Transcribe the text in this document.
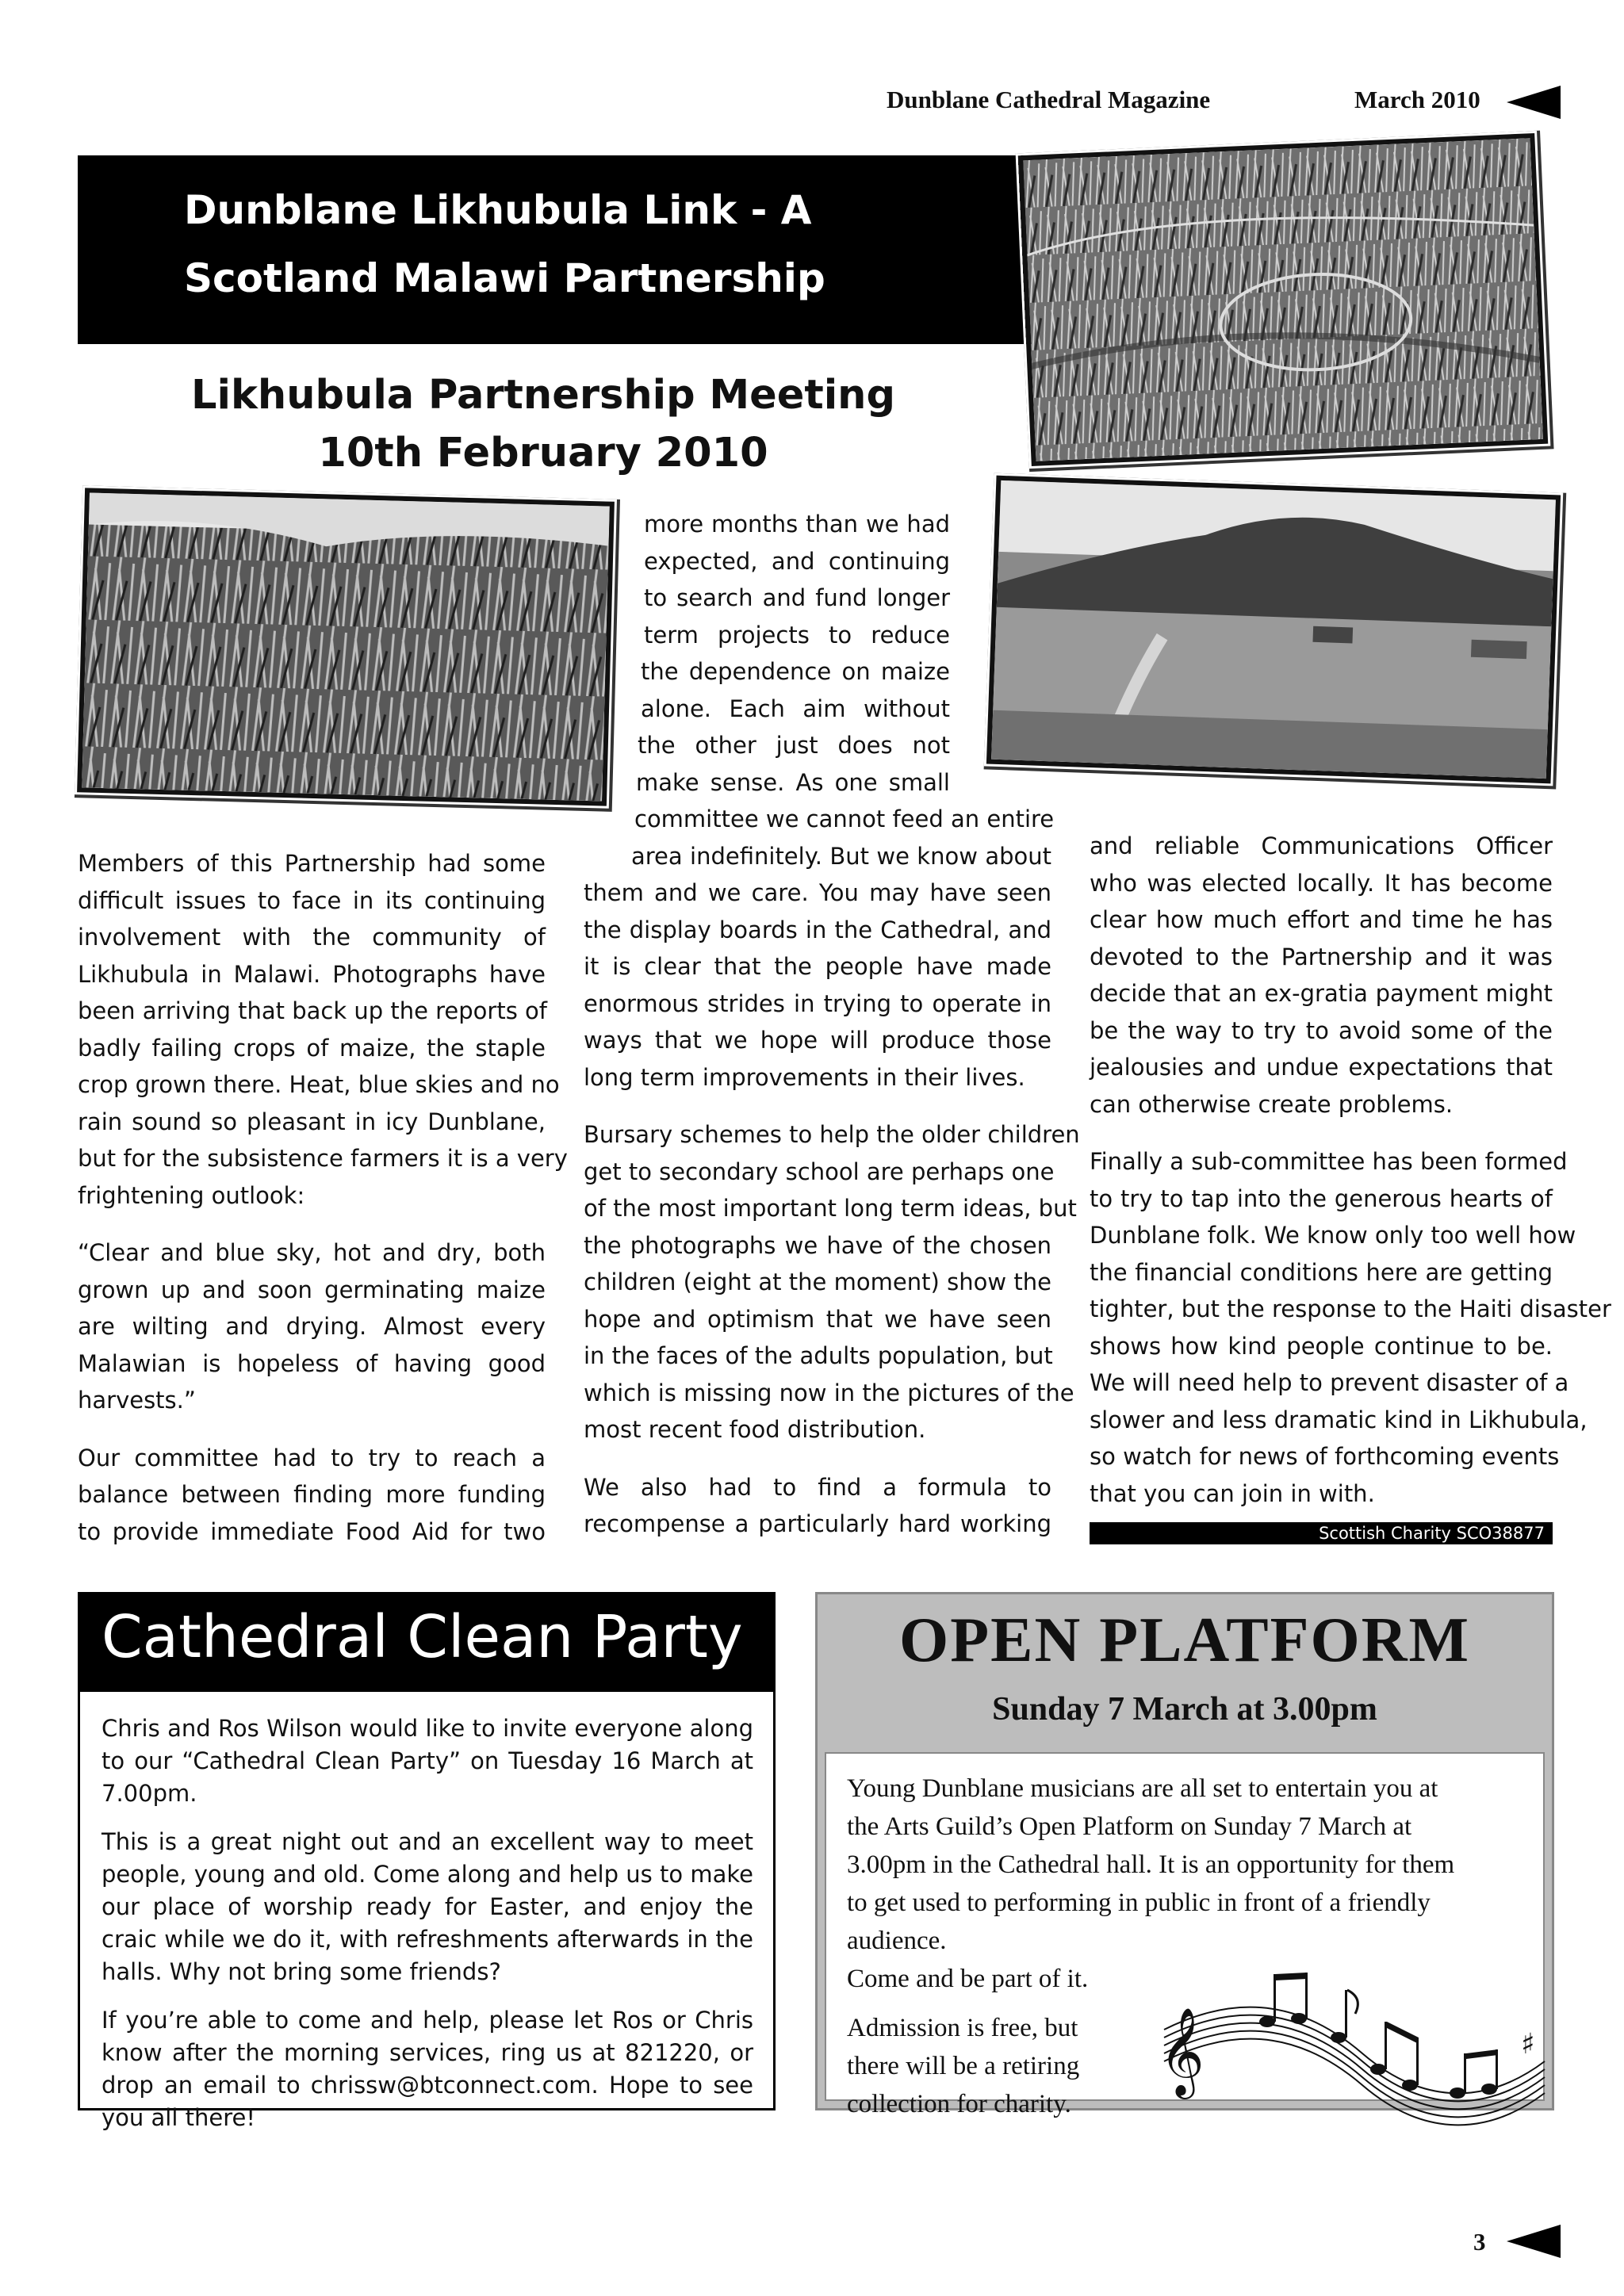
Dunblane Cathedral Magazine	March 2010
Dunblane Likhubula Link - A
Scotland Malawi Partnership
Likhubula Partnership Meeting
10th February 2010

Members of this Partnership had some
difficult issues to face in its continuing
involvement with the community of
Likhubula in Malawi. Photographs have
been arriving that back up the reports of
badly failing crops of maize, the staple
crop grown there. Heat, blue skies and no
rain sound so pleasant in icy Dunblane,
but for the subsistence farmers it is a very
frightening outlook:

“Clear and blue sky, hot and dry, both
grown up and soon germinating maize
are wilting and drying. Almost every
Malawian is hopeless of having good
harvests.”

Our committee had to try to reach a
balance between finding more funding
to provide immediate Food Aid for two

more months than we had
expected, and continuing
to search and fund longer
term projects to reduce
the dependence on maize
alone. Each aim without
the other just does not
make sense. As one small
committee we cannot feed an entire
area indefinitely. But we know about
them and we care. You may have seen
the display boards in the Cathedral, and
it is clear that the people have made
enormous strides in trying to operate in
ways that we hope will produce those
long term improvements in their lives.

Bursary schemes to help the older children
get to secondary school are perhaps one
of the most important long term ideas, but
the photographs we have of the chosen
children (eight at the moment) show the
hope and optimism that we have seen
in the faces of the adults population, but
which is missing now in the pictures of the
most recent food distribution.

We also had to find a formula to
recompense a particularly hard working

and reliable Communications Officer
who was elected locally. It has become
clear how much effort and time he has
devoted to the Partnership and it was
decide that an ex-gratia payment might
be the way to try to avoid some of the
jealousies and undue expectations that
can otherwise create problems.

Finally a sub-committee has been formed
to try to tap into the generous hearts of
Dunblane folk. We know only too well how
the financial conditions here are getting
tighter, but the response to the Haiti disaster
shows how kind people continue to be.
We will need help to prevent disaster of a
slower and less dramatic kind in Likhubula,
so watch for news of forthcoming events
that you can join in with.

Scottish Charity SCO38877
Cathedral Clean Party

Chris and Ros Wilson would like to invite everyone along to our “Cathedral Clean Party” on Tuesday 16 March at 7.00pm.

This is a great night out and an excellent way to meet people, young and old. Come along and help us to make our place of worship ready for Easter, and enjoy the craic while we do it, with refreshments afterwards in the halls. Why not bring some friends?

If you’re able to come and help, please let Ros or Chris know after the morning services, ring us at 821220, or drop an email to chrissw@btconnect.com. Hope to see you all there!

OPEN PLATFORM
Sunday 7 March at 3.00pm

Young Dunblane musicians are all set to entertain you at
the Arts Guild’s Open Platform on Sunday 7 March at
3.00pm in the Cathedral hall. It is an opportunity for them
to get used to performing in public in front of a friendly
audience.
Come and be part of it.

Admission is free, but
there will be a retiring
collection for charity.

𝄞	♯
3
